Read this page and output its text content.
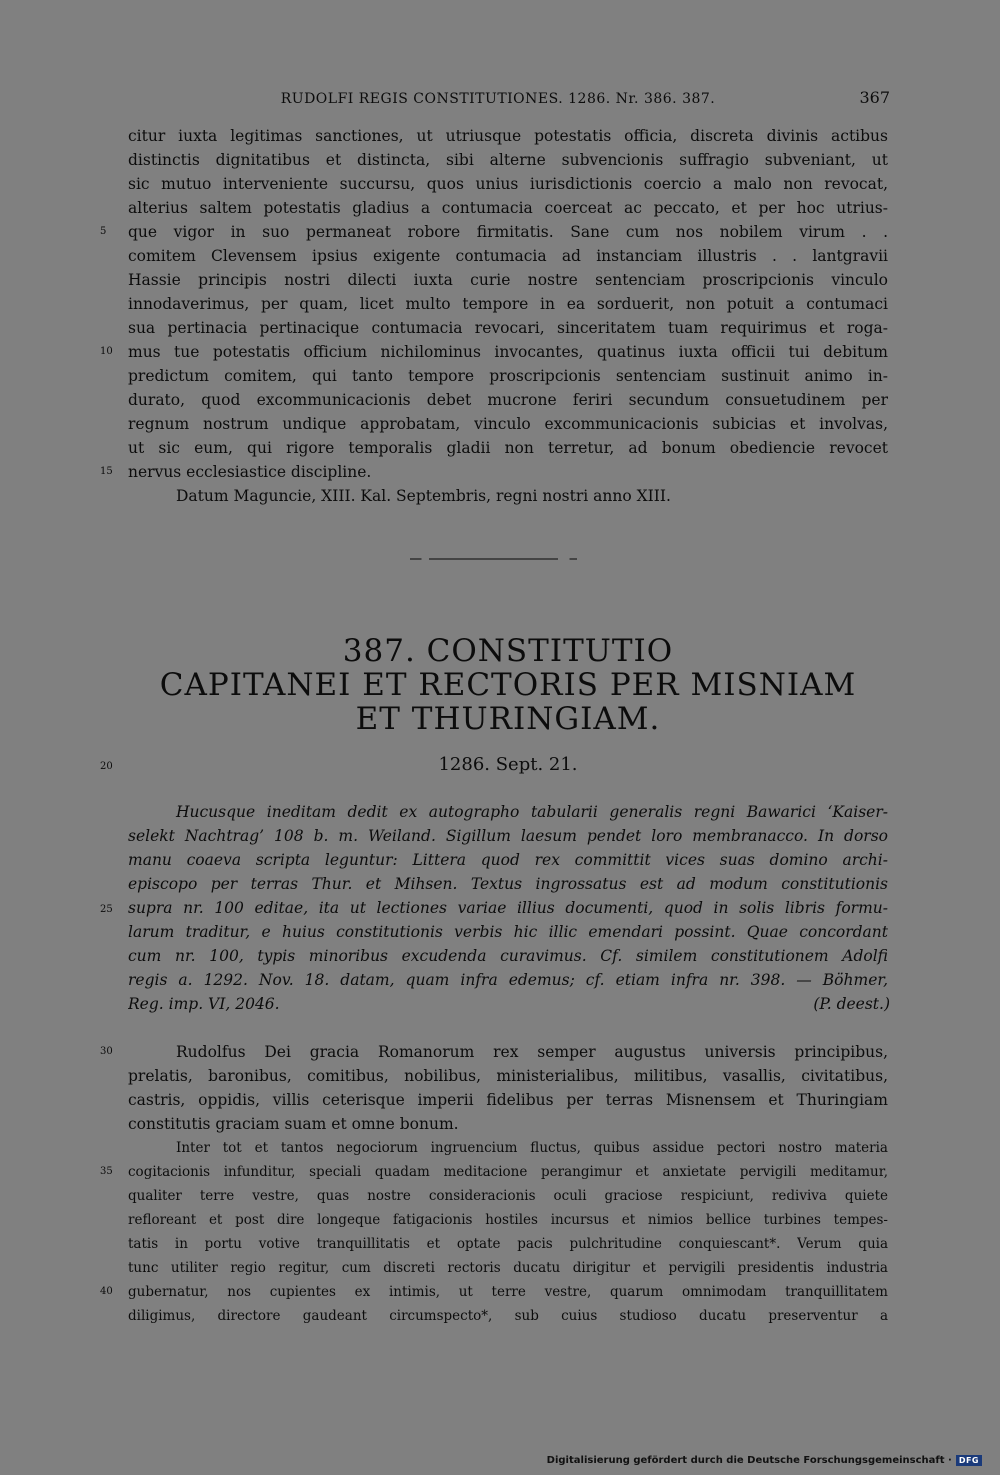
RUDOLFI REGIS CONSTITUTIONES. 1286. Nr. 386. 387.	367
citur iuxta legitimas sanctiones, ut utriusque potestatis officia, discreta divinis actibus
distinctis dignitatibus et distincta, sibi alterne subvencionis suffragio subveniant, ut
sic mutuo interveniente succursu, quos unius iurisdictionis coercio a malo non revocat,
alterius saltem potestatis gladius a contumacia coerceat ac peccato, et per hoc utrius-
que vigor in suo permaneat robore firmitatis. Sane cum nos nobilem virum . .
comitem Clevensem ipsius exigente contumacia ad instanciam illustris . . lantgravii
Hassie principis nostri dilecti iuxta curie nostre sentenciam proscripcionis vinculo
innodaverimus, per quam, licet multo tempore in ea sorduerit, non potuit a contumaci
sua pertinacia pertinacique contumacia revocari, sinceritatem tuam requirimus et roga-
mus tue potestatis officium nichilominus invocantes, quatinus iuxta officii tui debitum
predictum comitem, qui tanto tempore proscripcionis sentenciam sustinuit animo in-
durato, quod excommunicacionis debet mucrone feriri secundum consuetudinem per
regnum nostrum undique approbatam, vinculo excommunicacionis subicias et involvas,
ut sic eum, qui rigore temporalis gladii non terretur, ad bonum obediencie revocet
nervus ecclesiastice discipline.
Datum Maguncie, XIII. Kal. Septembris, regni nostri anno XIII.
5
10
15
20
25
30
35
40
387. CONSTITUTIO
CAPITANEI ET RECTORIS PER MISNIAM
ET THURINGIAM.
1286. Sept. 21.
Hucusque ineditam dedit ex autographo tabularii generalis regni Bawarici ‘Kaiser-
selekt Nachtrag’ 108 b. m. Weiland. Sigillum laesum pendet loro membranacco. In dorso
manu coaeva scripta leguntur: Littera quod rex committit vices suas domino archi-
episcopo per terras Thur. et Mihsen. Textus ingrossatus est ad modum constitutionis
supra nr. 100 editae, ita ut lectiones variae illius documenti, quod in solis libris formu-
larum traditur, e huius constitutionis verbis hic illic emendari possint. Quae concordant
cum nr. 100, typis minoribus excudenda curavimus. Cf. similem constitutionem Adolfi
regis a. 1292. Nov. 18. datam, quam infra edemus; cf. etiam infra nr. 398. — Böhmer,
Reg. imp. VI, 2046.	(P. deest.)
Rudolfus Dei gracia Romanorum rex semper augustus universis principibus,
prelatis, baronibus, comitibus, nobilibus, ministerialibus, militibus, vasallis, civitatibus,
castris, oppidis, villis ceterisque imperii fidelibus per terras Misnensem et Thuringiam
constitutis graciam suam et omne bonum.
Inter tot et tantos negociorum ingruencium fluctus, quibus assidue pectori nostro materia
cogitacionis infunditur, speciali quadam meditacione perangimur et anxietate pervigili meditamur,
qualiter terre vestre, quas nostre consideracionis oculi graciose respiciunt, rediviva quiete
refloreant et post dire longeque fatigacionis hostiles incursus et nimios bellice turbines tempes-
tatis in portu votive tranquillitatis et optate pacis pulchritudine conquiescant*. Verum quia
tunc utiliter regio regitur, cum discreti rectoris ducatu dirigitur et pervigili presidentis industria
gubernatur, nos cupientes ex intimis, ut terre vestre, quarum omnimodam tranquillitatem
diligimus, directore gaudeant circumspecto*, sub cuius studioso ducatu preserventur a
Digitalisierung gefördert durch die Deutsche Forschungsgemeinschaft · DFG
